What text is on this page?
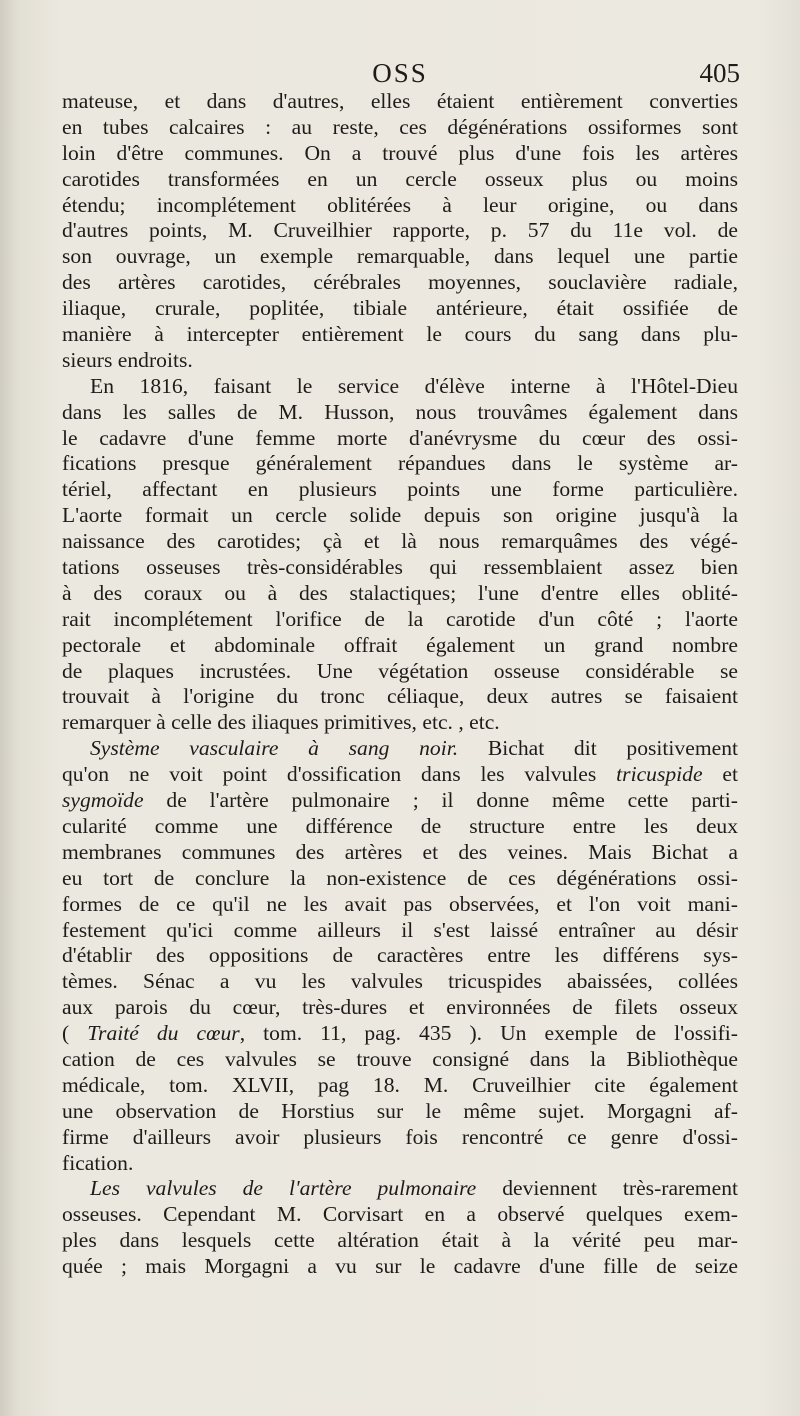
OSS	405
mateuse, et dans d'autres, elles étaient entièrement converties
en tubes calcaires : au reste, ces dégénérations ossiformes sont
loin d'être communes. On a trouvé plus d'une fois les artères
carotides transformées en un cercle osseux plus ou moins
étendu; incomplétement oblitérées à leur origine, ou dans
d'autres points, M. Cruveilhier rapporte, p. 57 du 11e vol. de
son ouvrage, un exemple remarquable, dans lequel une partie
des artères carotides, cérébrales moyennes, souclavière radiale,
iliaque, crurale, poplitée, tibiale antérieure, était ossifiée de
manière à intercepter entièrement le cours du sang dans plu-
sieurs endroits.
En 1816, faisant le service d'élève interne à l'Hôtel-Dieu
dans les salles de M. Husson, nous trouvâmes également dans
le cadavre d'une femme morte d'anévrysme du cœur des ossi-
fications presque généralement répandues dans le système ar-
tériel, affectant en plusieurs points une forme particulière.
L'aorte formait un cercle solide depuis son origine jusqu'à la
naissance des carotides; çà et là nous remarquâmes des végé-
tations osseuses très-considérables qui ressemblaient assez bien
à des coraux ou à des stalactiques; l'une d'entre elles oblité-
rait incomplétement l'orifice de la carotide d'un côté ; l'aorte
pectorale et abdominale offrait également un grand nombre
de plaques incrustées. Une végétation osseuse considérable se
trouvait à l'origine du tronc céliaque, deux autres se faisaient
remarquer à celle des iliaques primitives, etc. , etc.
Système vasculaire à sang noir. Bichat dit positivement
qu'on ne voit point d'ossification dans les valvules tricuspide et
sygmoïde de l'artère pulmonaire ; il donne même cette parti-
cularité comme une différence de structure entre les deux
membranes communes des artères et des veines. Mais Bichat a
eu tort de conclure la non-existence de ces dégénérations ossi-
formes de ce qu'il ne les avait pas observées, et l'on voit mani-
festement qu'ici comme ailleurs il s'est laissé entraîner au désir
d'établir des oppositions de caractères entre les différens sys-
tèmes. Sénac a vu les valvules tricuspides abaissées, collées
aux parois du cœur, très-dures et environnées de filets osseux
( Traité du cœur, tom. 11, pag. 435 ). Un exemple de l'ossifi-
cation de ces valvules se trouve consigné dans la Bibliothèque
médicale, tom. XLVII, pag 18. M. Cruveilhier cite également
une observation de Horstius sur le même sujet. Morgagni af-
firme d'ailleurs avoir plusieurs fois rencontré ce genre d'ossi-
fication.
Les valvules de l'artère pulmonaire deviennent très-rarement
osseuses. Cependant M. Corvisart en a observé quelques exem-
ples dans lesquels cette altération était à la vérité peu mar-
quée ; mais Morgagni a vu sur le cadavre d'une fille de seize
